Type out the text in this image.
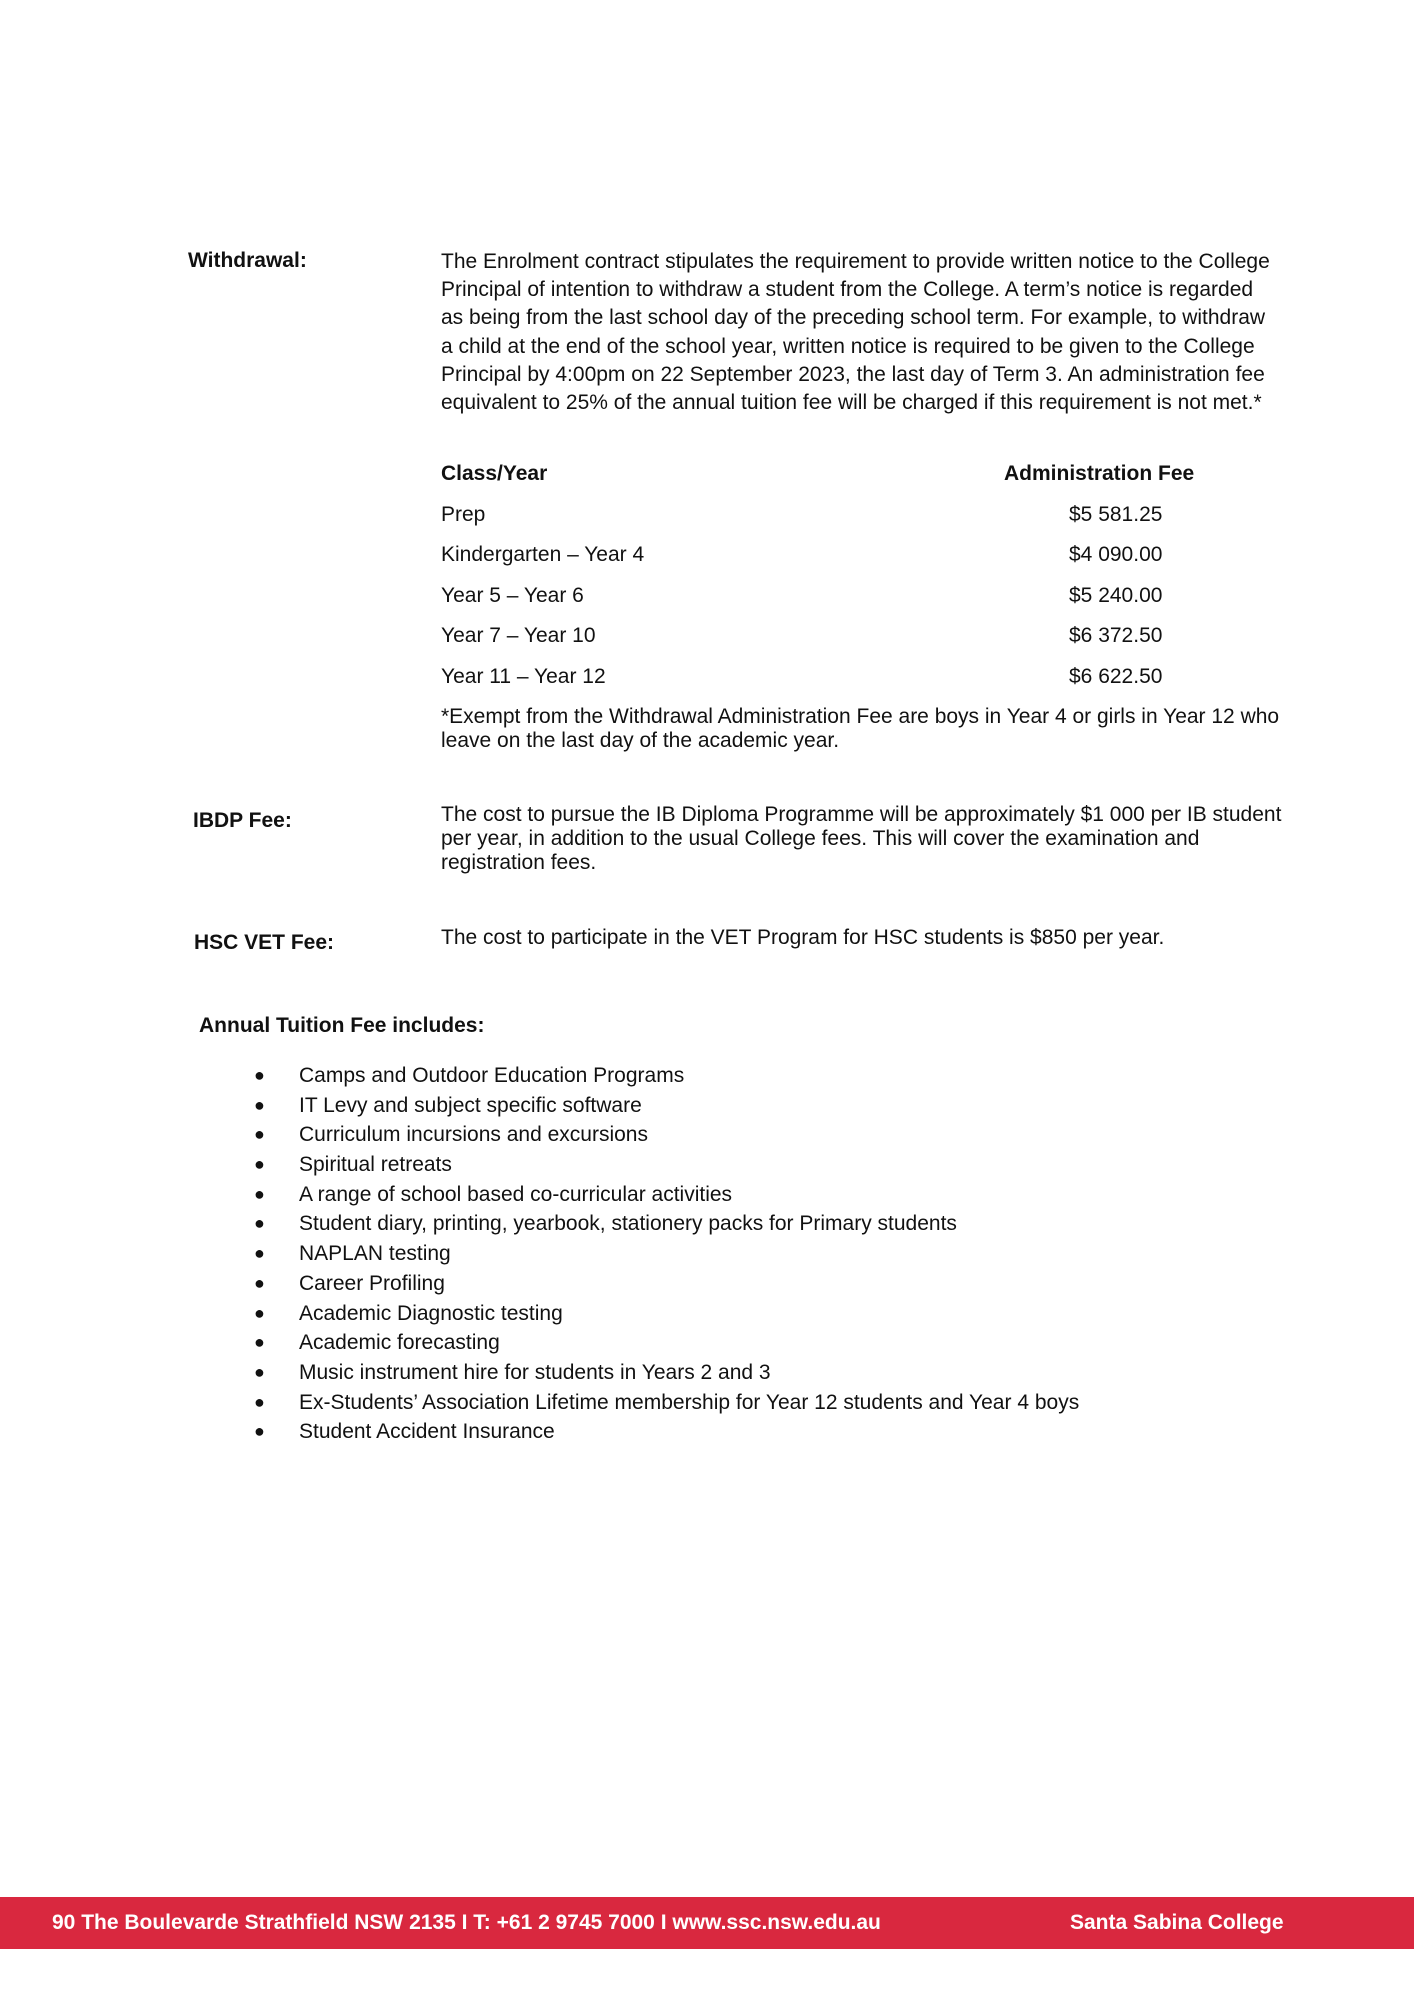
Withdrawal:	The Enrolment contract stipulates the requirement to provide written notice to the College Principal of intention to withdraw a student from the College. A term’s notice is regarded as being from the last school day of the preceding school term. For example, to withdraw a child at the end of the school year, written notice is required to be given to the College Principal by 4:00pm on 22 September 2023, the last day of Term 3. An administration fee equivalent to 25% of the annual tuition fee will be charged if this requirement is not met.*
Class/Year	Administration Fee
Prep	$5 581.25
Kindergarten – Year 4	$4 090.00
Year 5 – Year 6	$5 240.00
Year 7 – Year 10	$6 372.50
Year 11 – Year 12	$6 622.50
*Exempt from the Withdrawal Administration Fee are boys in Year 4 or girls in Year 12 who
leave on the last day of the academic year.
IBDP Fee:	The cost to pursue the IB Diploma Programme will be approximately $1 000 per IB student
per year, in addition to the usual College fees. This will cover the examination and
registration fees.
HSC VET Fee:	The cost to participate in the VET Program for HSC students is $850 per year.
Annual Tuition Fee includes:
● Camps and Outdoor Education Programs
● IT Levy and subject specific software
● Curriculum incursions and excursions
● Spiritual retreats
● A range of school based co-curricular activities
● Student diary, printing, yearbook, stationery packs for Primary students
● NAPLAN testing
● Career Profiling
● Academic Diagnostic testing
● Academic forecasting
● Music instrument hire for students in Years 2 and 3
● Ex-Students’ Association Lifetime membership for Year 12 students and Year 4 boys
● Student Accident Insurance
90 The Boulevarde Strathfield NSW 2135 I T: +61 2 9745 7000 I www.ssc.nsw.edu.au	Santa Sabina College
